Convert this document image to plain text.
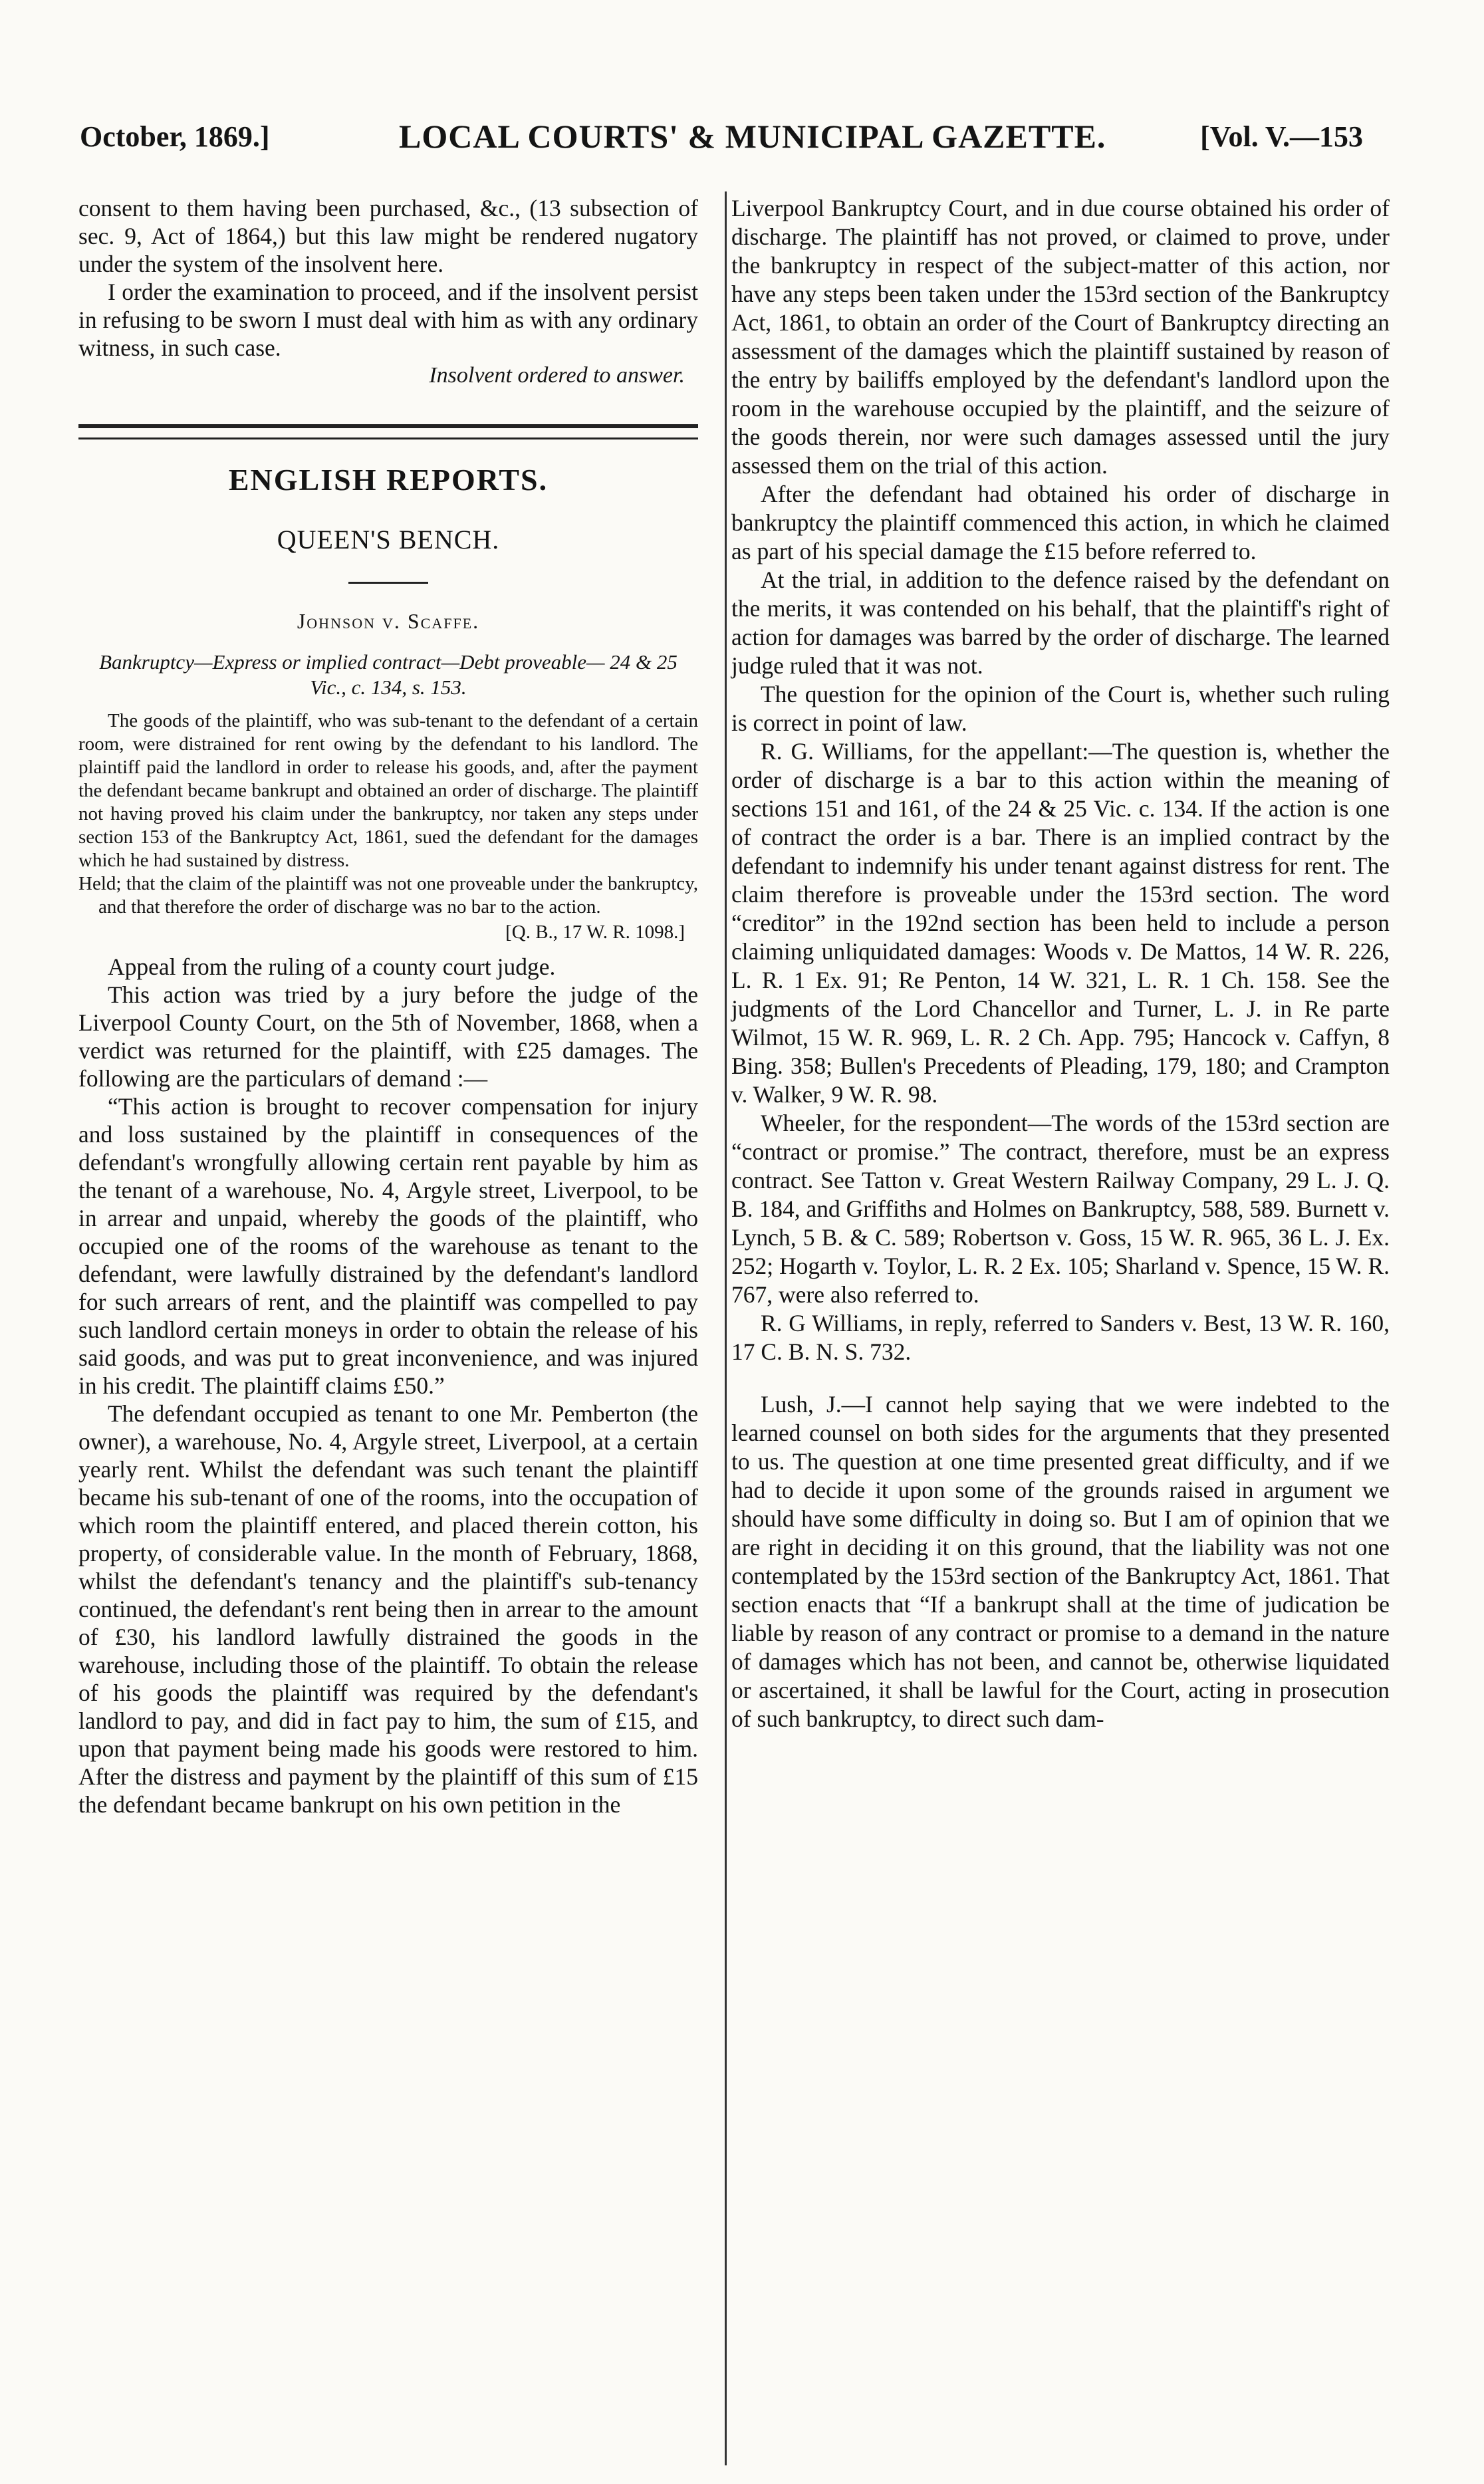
October, 1869.]	LOCAL COURTS' & MUNICIPAL GAZETTE.	[Vol. V.—153

consent to them having been purchased, &c., (13 subsection of sec. 9, Act of 1864,) but this law might be rendered nugatory under the system of the insolvent here.

I order the examination to proceed, and if the insolvent persist in refusing to be sworn I must deal with him as with any ordinary witness, in such case.

Insolvent ordered to answer.

ENGLISH REPORTS.
QUEEN'S BENCH.
Johnson v. Scaffe.
Bankruptcy—Express or implied contract—Debt proveable— 24 & 25 Vic., c. 134, s. 153.

The goods of the plaintiff, who was sub-tenant to the defendant of a certain room, were distrained for rent owing by the defendant to his landlord. The plaintiff paid the landlord in order to release his goods, and, after the payment the defendant became bankrupt and obtained an order of discharge. The plaintiff not having proved his claim under the bankruptcy, nor taken any steps under section 153 of the Bankruptcy Act, 1861, sued the defendant for the damages which he had sustained by distress.

Held; that the claim of the plaintiff was not one proveable under the bankruptcy, and that therefore the order of discharge was no bar to the action.

[Q. B., 17 W. R. 1098.]

Appeal from the ruling of a county court judge.

This action was tried by a jury before the judge of the Liverpool County Court, on the 5th of November, 1868, when a verdict was returned for the plaintiff, with £25 damages. The following are the particulars of demand :—

“This action is brought to recover compensation for injury and loss sustained by the plaintiff in consequences of the defendant's wrongfully allowing certain rent payable by him as the tenant of a warehouse, No. 4, Argyle street, Liverpool, to be in arrear and unpaid, whereby the goods of the plaintiff, who occupied one of the rooms of the warehouse as tenant to the defendant, were lawfully distrained by the defendant's landlord for such arrears of rent, and the plaintiff was compelled to pay such landlord certain moneys in order to obtain the release of his said goods, and was put to great inconvenience, and was injured in his credit. The plaintiff claims £50.”

The defendant occupied as tenant to one Mr. Pemberton (the owner), a warehouse, No. 4, Argyle street, Liverpool, at a certain yearly rent. Whilst the defendant was such tenant the plaintiff became his sub-tenant of one of the rooms, into the occupation of which room the plaintiff entered, and placed therein cotton, his property, of considerable value. In the month of February, 1868, whilst the defendant's tenancy and the plaintiff's sub-tenancy continued, the defendant's rent being then in arrear to the amount of £30, his landlord lawfully distrained the goods in the warehouse, including those of the plaintiff. To obtain the release of his goods the plaintiff was required by the defendant's landlord to pay, and did in fact pay to him, the sum of £15, and upon that payment being made his goods were restored to him. After the distress and payment by the plaintiff of this sum of £15 the defendant became bankrupt on his own petition in the

Liverpool Bankruptcy Court, and in due course obtained his order of discharge. The plaintiff has not proved, or claimed to prove, under the bankruptcy in respect of the subject-matter of this action, nor have any steps been taken under the 153rd section of the Bankruptcy Act, 1861, to obtain an order of the Court of Bankruptcy directing an assessment of the damages which the plaintiff sustained by reason of the entry by bailiffs employed by the defendant's landlord upon the room in the warehouse occupied by the plaintiff, and the seizure of the goods therein, nor were such damages assessed until the jury assessed them on the trial of this action.

After the defendant had obtained his order of discharge in bankruptcy the plaintiff commenced this action, in which he claimed as part of his special damage the £15 before referred to.

At the trial, in addition to the defence raised by the defendant on the merits, it was contended on his behalf, that the plaintiff's right of action for damages was barred by the order of discharge. The learned judge ruled that it was not.

The question for the opinion of the Court is, whether such ruling is correct in point of law.

R. G. Williams, for the appellant:—The question is, whether the order of discharge is a bar to this action within the meaning of sections 151 and 161, of the 24 & 25 Vic. c. 134. If the action is one of contract the order is a bar. There is an implied contract by the defendant to indemnify his under tenant against distress for rent. The claim therefore is proveable under the 153rd section. The word “creditor” in the 192nd section has been held to include a person claiming unliquidated damages: Woods v. De Mattos, 14 W. R. 226, L. R. 1 Ex. 91; Re Penton, 14 W. 321, L. R. 1 Ch. 158. See the judgments of the Lord Chancellor and Turner, L. J. in Re parte Wilmot, 15 W. R. 969, L. R. 2 Ch. App. 795; Hancock v. Caffyn, 8 Bing. 358; Bullen's Precedents of Pleading, 179, 180; and Crampton v. Walker, 9 W. R. 98.

Wheeler, for the respondent—The words of the 153rd section are “contract or promise.” The contract, therefore, must be an express contract. See Tatton v. Great Western Railway Company, 29 L. J. Q. B. 184, and Griffiths and Holmes on Bankruptcy, 588, 589. Burnett v. Lynch, 5 B. & C. 589; Robertson v. Goss, 15 W. R. 965, 36 L. J. Ex. 252; Hogarth v. Toylor, L. R. 2 Ex. 105; Sharland v. Spence, 15 W. R. 767, were also referred to.

R. G Williams, in reply, referred to Sanders v. Best, 13 W. R. 160, 17 C. B. N. S. 732.

Lush, J.—I cannot help saying that we were indebted to the learned counsel on both sides for the arguments that they presented to us. The question at one time presented great difficulty, and if we had to decide it upon some of the grounds raised in argument we should have some difficulty in doing so. But I am of opinion that we are right in deciding it on this ground, that the liability was not one contemplated by the 153rd section of the Bankruptcy Act, 1861. That section enacts that “If a bankrupt shall at the time of judication be liable by reason of any contract or promise to a demand in the nature of damages which has not been, and cannot be, otherwise liquidated or ascertained, it shall be lawful for the Court, acting in prosecution of such bankruptcy, to direct such dam-
